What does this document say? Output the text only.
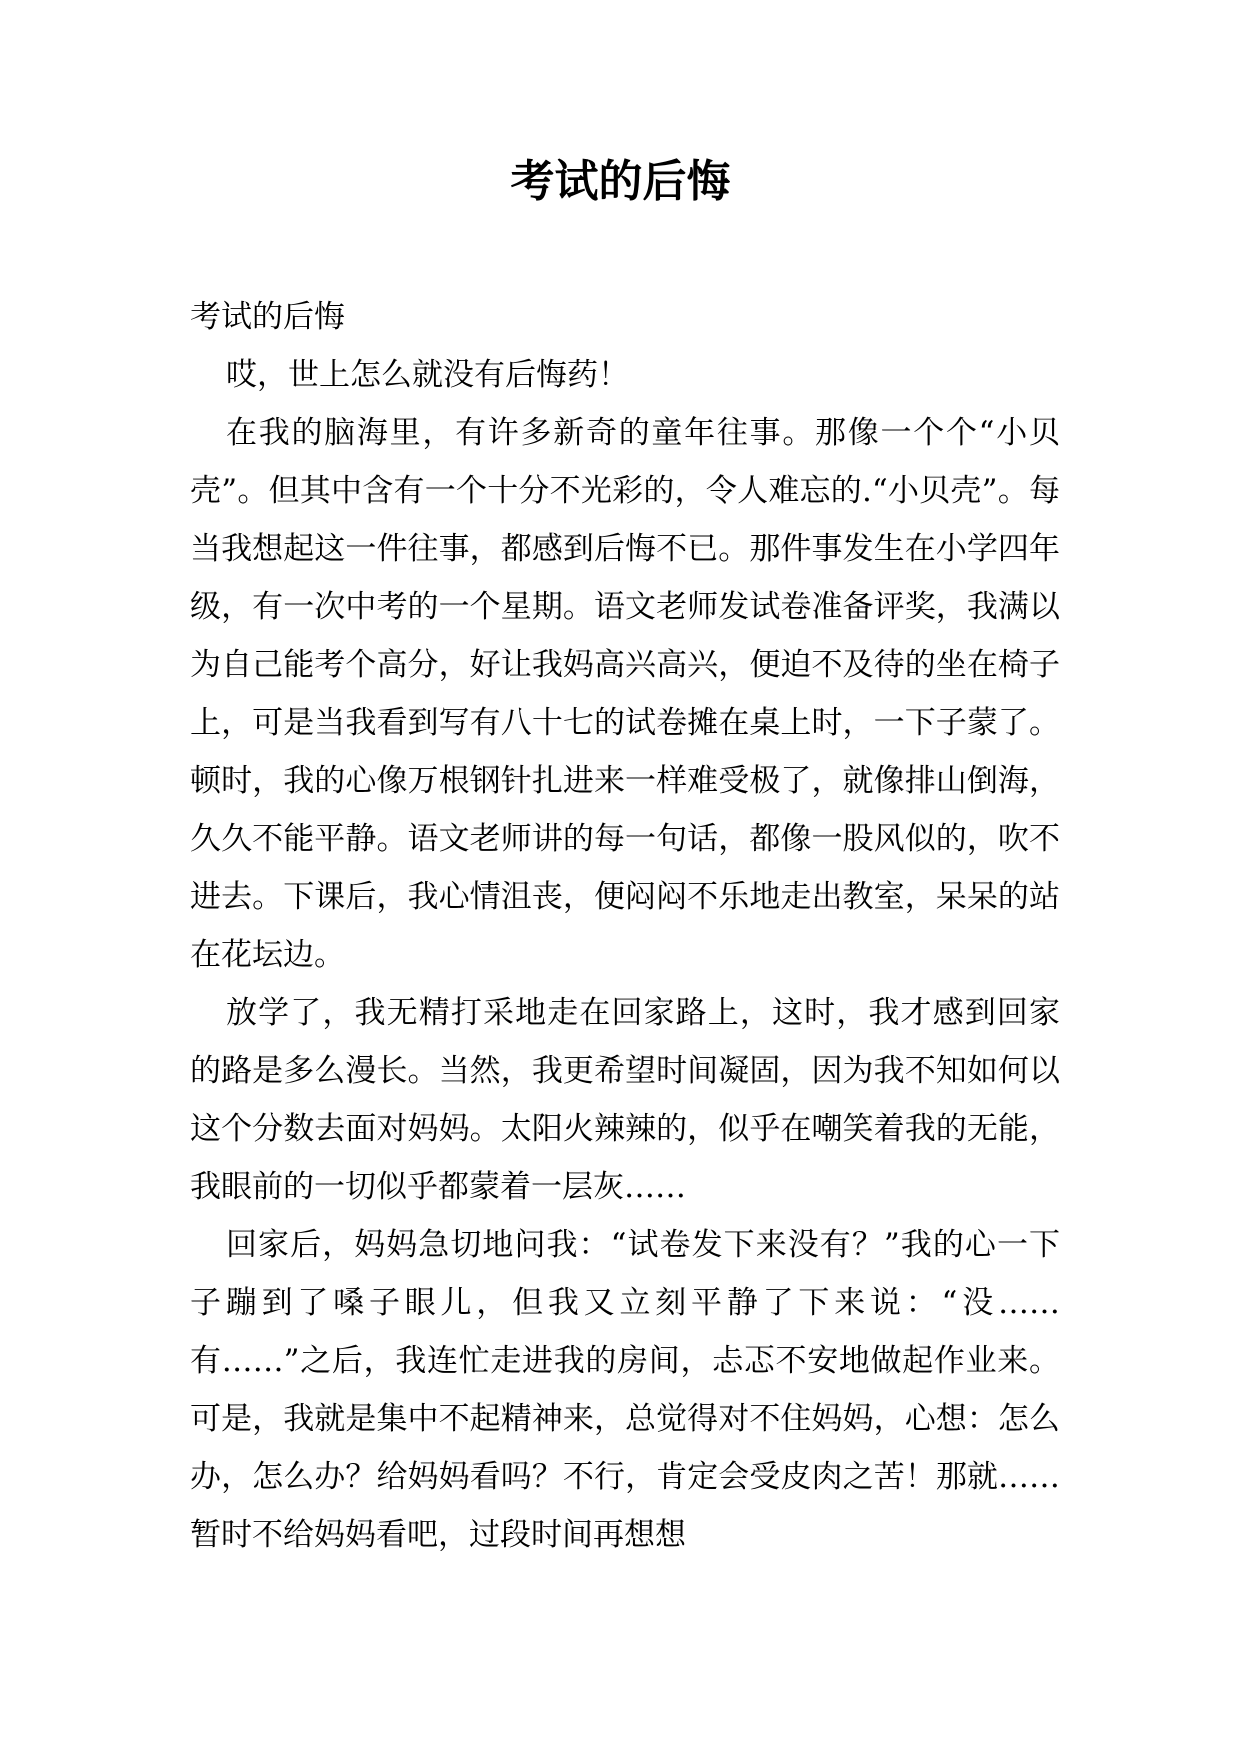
考试的后悔

考试的后悔

哎，世上怎么就没有后悔药！

在我的脑海里，有许多新奇的童年往事。那像一个个“小贝壳”。但其中含有一个十分不光彩的，令人难忘的.“小贝壳”。每当我想起这一件往事，都感到后悔不已。那件事发生在小学四年级，有一次中考的一个星期。语文老师发试卷准备评奖，我满以为自己能考个高分，好让我妈高兴高兴，便迫不及待的坐在椅子上，可是当我看到写有八十七的试卷摊在桌上时，一下子蒙了。顿时，我的心像万根钢针扎进来一样难受极了，就像排山倒海，久久不能平静。语文老师讲的每一句话，都像一股风似的，吹不进去。下课后，我心情沮丧，便闷闷不乐地走出教室，呆呆的站在花坛边。

放学了，我无精打采地走在回家路上，这时，我才感到回家的路是多么漫长。当然，我更希望时间凝固，因为我不知如何以这个分数去面对妈妈。太阳火辣辣的，似乎在嘲笑着我的无能，我眼前的一切似乎都蒙着一层灰……

回家后，妈妈急切地问我：“试卷发下来没有？”我的心一下子蹦到了嗓子眼儿，但我又立刻平静了下来说：“没……有……”之后，我连忙走进我的房间，忐忑不安地做起作业来。可是，我就是集中不起精神来，总觉得对不住妈妈，心想：怎么办，怎么办？给妈妈看吗？不行，肯定会受皮肉之苦！那就……暂时不给妈妈看吧，过段时间再想想
